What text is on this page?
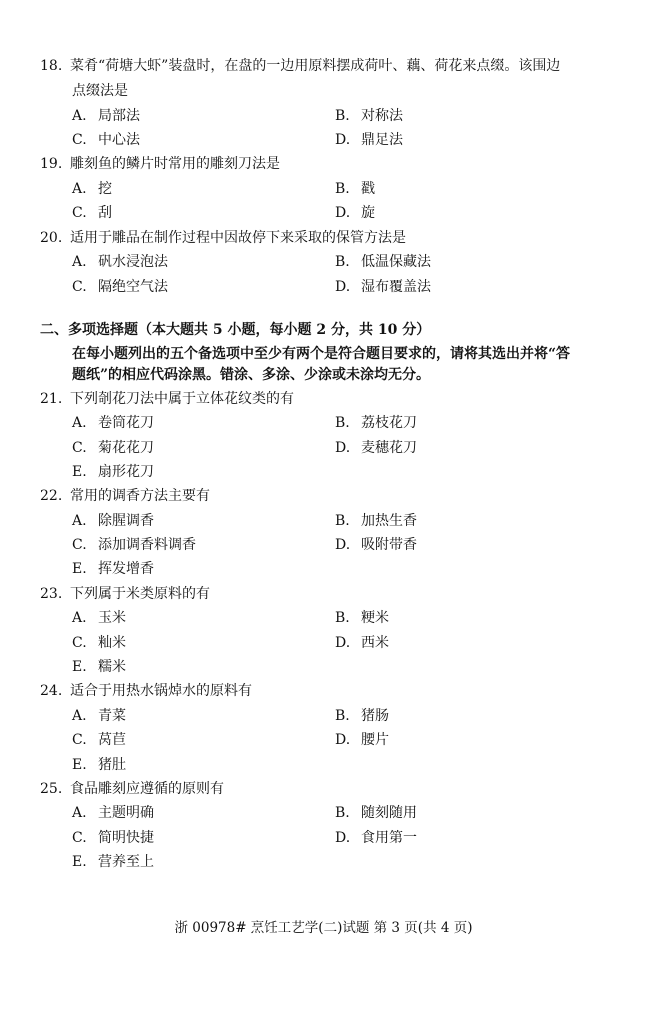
18. 菜肴“荷塘大虾”装盘时，在盘的一边用原料摆成荷叶、藕、荷花来点缀。该围边
点缀法是
A. 局部法	B. 对称法
C. 中心法	D. 鼎足法
19. 雕刻鱼的鳞片时常用的雕刻刀法是
A. 挖	B. 戳
C. 刮	D. 旋
20. 适用于雕品在制作过程中因故停下来采取的保管方法是
A. 矾水浸泡法	B. 低温保藏法
C. 隔绝空气法	D. 湿布覆盖法
二、多项选择题（本大题共 5 小题，每小题 2 分，共 10 分）
在每小题列出的五个备选项中至少有两个是符合题目要求的，请将其选出并将“答
题纸”的相应代码涂黑。错涂、多涂、少涂或未涂均无分。
21. 下列剞花刀法中属于立体花纹类的有
A. 卷筒花刀	B. 荔枝花刀
C. 菊花花刀	D. 麦穗花刀
E. 扇形花刀
22. 常用的调香方法主要有
A. 除腥调香	B. 加热生香
C. 添加调香料调香	D. 吸附带香
E. 挥发增香
23. 下列属于米类原料的有
A. 玉米	B. 粳米
C. 籼米	D. 西米
E. 糯米
24. 适合于用热水锅焯水的原料有
A. 青菜	B. 猪肠
C. 莴苣	D. 腰片
E. 猪肚
25. 食品雕刻应遵循的原则有
A. 主题明确	B. 随刻随用
C. 简明快捷	D. 食用第一
E. 营养至上
浙 00978# 烹饪工艺学(二)试题 第 3 页(共 4 页)
